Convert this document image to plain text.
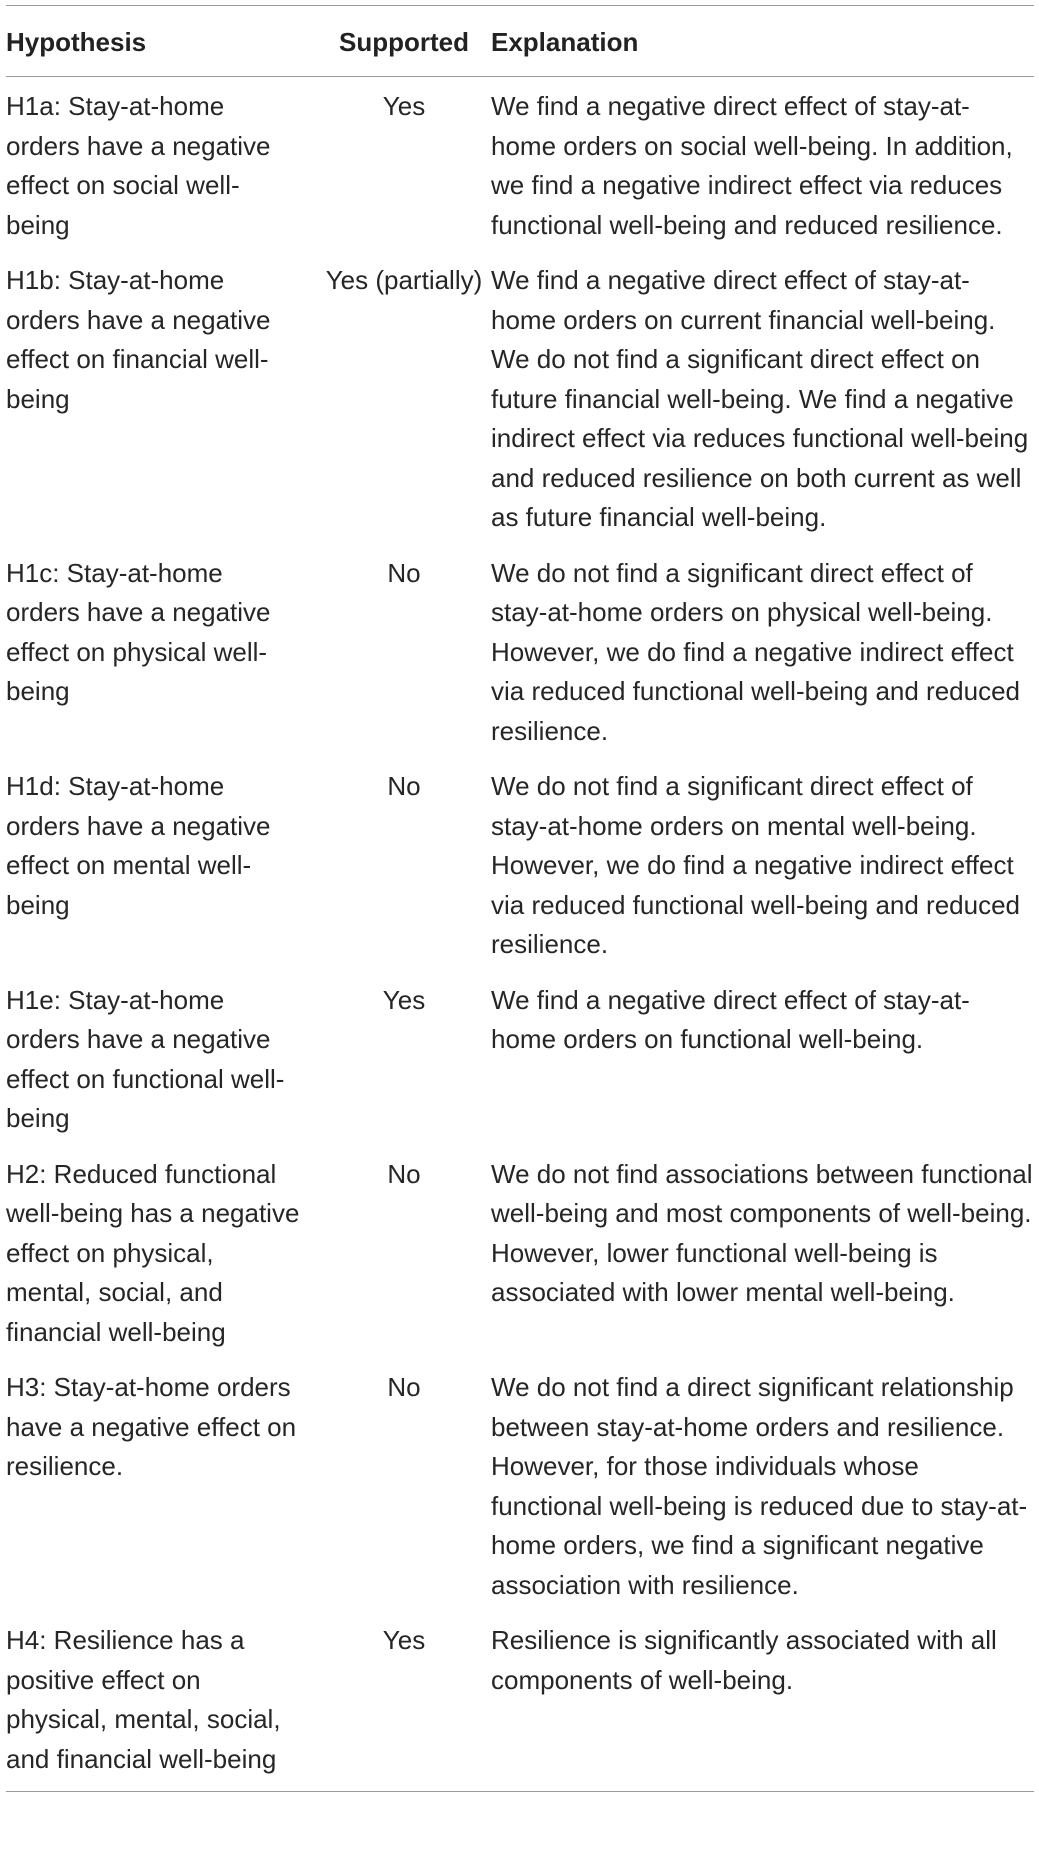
Hypothesis	Supported	Explanation
H1a: Stay-at-home orders have a negative effect on social well-being	Yes	We find a negative direct effect of stay-at-home orders on social well-being. In addition, we find a negative indirect effect via reduces functional well-being and reduced resilience.
H1b: Stay-at-home orders have a negative effect on financial well-being	Yes (partially)	We find a negative direct effect of stay-at-home orders on current financial well-being. We do not find a significant direct effect on future financial well-being. We find a negative indirect effect via reduces functional well-being and reduced resilience on both current as well as future financial well-being.
H1c: Stay-at-home orders have a negative effect on physical well-being	No	We do not find a significant direct effect of stay-at-home orders on physical well-being. However, we do find a negative indirect effect via reduced functional well-being and reduced resilience.
H1d: Stay-at-home orders have a negative effect on mental well-being	No	We do not find a significant direct effect of stay-at-home orders on mental well-being. However, we do find a negative indirect effect via reduced functional well-being and reduced resilience.
H1e: Stay-at-home orders have a negative effect on functional well-being	Yes	We find a negative direct effect of stay-at-home orders on functional well-being.
H2: Reduced functional well-being has a negative effect on physical, mental, social, and financial well-being	No	We do not find associations between functional well-being and most components of well-being. However, lower functional well-being is associated with lower mental well-being.
H3: Stay-at-home orders have a negative effect on resilience.	No	We do not find a direct significant relationship between stay-at-home orders and resilience. However, for those individuals whose functional well-being is reduced due to stay-at-home orders, we find a significant negative association with resilience.
H4: Resilience has a positive effect on physical, mental, social, and financial well-being	Yes	Resilience is significantly associated with all components of well-being.
